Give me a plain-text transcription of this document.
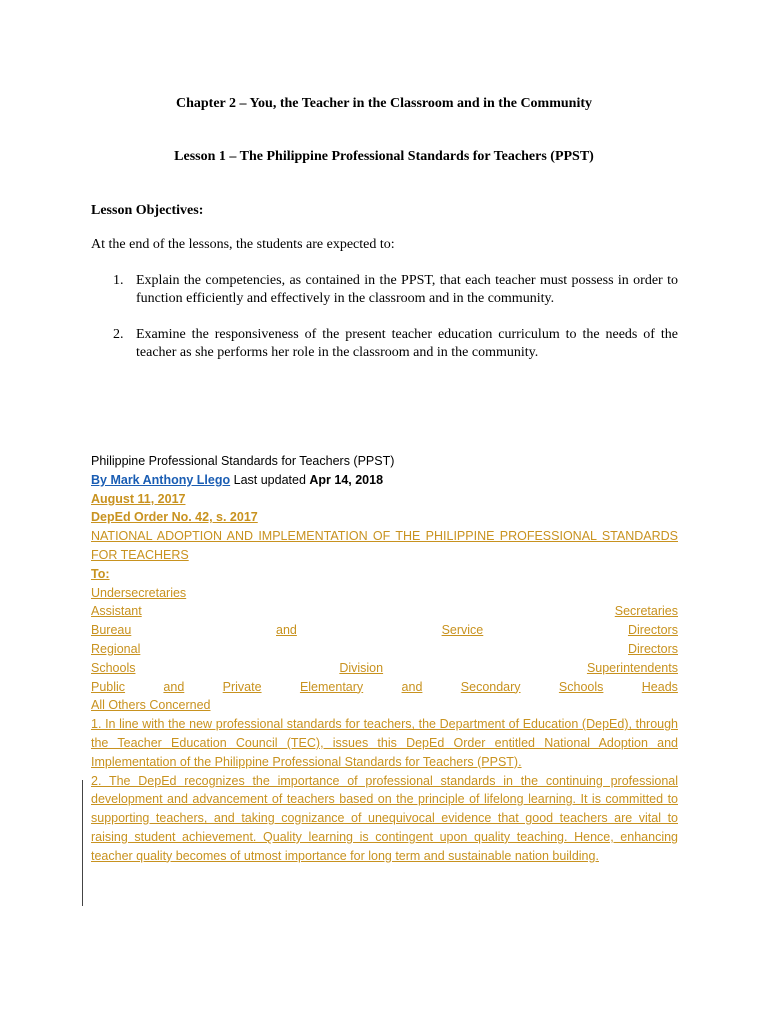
Chapter 2 – You, the Teacher in the Classroom and in the Community
Lesson 1 – The Philippine Professional Standards for Teachers (PPST)
Lesson Objectives:
At the end of the lessons, the students are expected to:
1. Explain the competencies, as contained in the PPST, that each teacher must possess in order to function efficiently and effectively in the classroom and in the community.
2. Examine the responsiveness of the present teacher education curriculum to the needs of the teacher as she performs her role in the classroom and in the community.
Philippine Professional Standards for Teachers (PPST)
By Mark Anthony Llego Last updated Apr 14, 2018
August 11, 2017
DepEd Order No. 42, s. 2017
NATIONAL ADOPTION AND IMPLEMENTATION OF THE PHILIPPINE PROFESSIONAL STANDARDS FOR TEACHERS
To:
Undersecretaries
Assistant	Secretaries
Bureau	and	Service	Directors
Regional	Directors
Schools	Division	Superintendents
Public	and	Private	Elementary	and	Secondary	Schools	Heads
All Others Concerned
1. In line with the new professional standards for teachers, the Department of Education (DepEd), through the Teacher Education Council (TEC), issues this DepEd Order entitled National Adoption and Implementation of the Philippine Professional Standards for Teachers (PPST).
2. The DepEd recognizes the importance of professional standards in the continuing professional development and advancement of teachers based on the principle of lifelong learning. It is committed to supporting teachers, and taking cognizance of unequivocal evidence that good teachers are vital to raising student achievement. Quality learning is contingent upon quality teaching. Hence, enhancing teacher quality becomes of utmost importance for long term and sustainable nation building.
